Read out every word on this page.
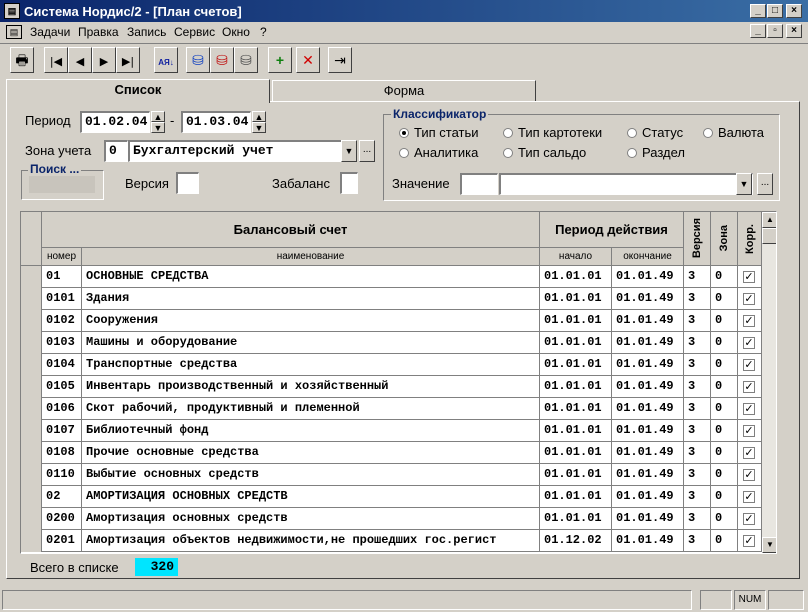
▤ Система Нордис/2 - [План счетов]	_	□	×
▤ Задачи Правка Запись Сервис Окно ?	_	▫	×
🖶	|◀	◀	▶	▶|	AЯ↓	⛁ ⛁ ⛁	+	✕	⇥
Список	Форма
Период	01.02.04 ▲
▼ - 01.03.04 ▲
▼
Зона учета	0	Бухгалтерский учет	▼ ...
Поиск ...
Версия	Забаланс
Классификатор
Тип статьи	Тип картотеки	Статус	Валюта
Аналитика	Тип сальдо	Раздел
Значение	▼	...
Балансовый счет	Период действия	Версия Зона Корр.
номер	наименование	начало	окончание
01	ОСНОВНЫЕ СРЕДСТВА	01.01.01	01.01.49	3	0	✓
0101 Здания	01.01.01	01.01.49	3	0	✓
0102 Сооружения	01.01.01	01.01.49	3	0	✓
0103 Машины и оборудование	01.01.01	01.01.49	3	0	✓
0104 Транспортные средства	01.01.01	01.01.49	3	0	✓
0105 Инвентарь производственный и хозяйственный	01.01.01	01.01.49	3	0	✓
0106 Скот рабочий, продуктивный и племенной	01.01.01	01.01.49	3	0	✓
0107 Библиотечный фонд	01.01.01	01.01.49	3	0	✓
0108 Прочие основные средства	01.01.01	01.01.49	3	0	✓
0110 Выбытие основных средств	01.01.01	01.01.49	3	0	✓
02	АМОРТИЗАЦИЯ ОСНОВНЫХ СРЕДСТВ	01.01.01	01.01.49	3	0	✓
0200 Амортизация основных средств	01.01.01	01.01.49	3	0	✓
0201 Амортизация объектов недвижимости,не прошедших гос.регист	01.12.02	01.01.49	3	0	✓
▲
▼
Всего в списке	320
NUM
